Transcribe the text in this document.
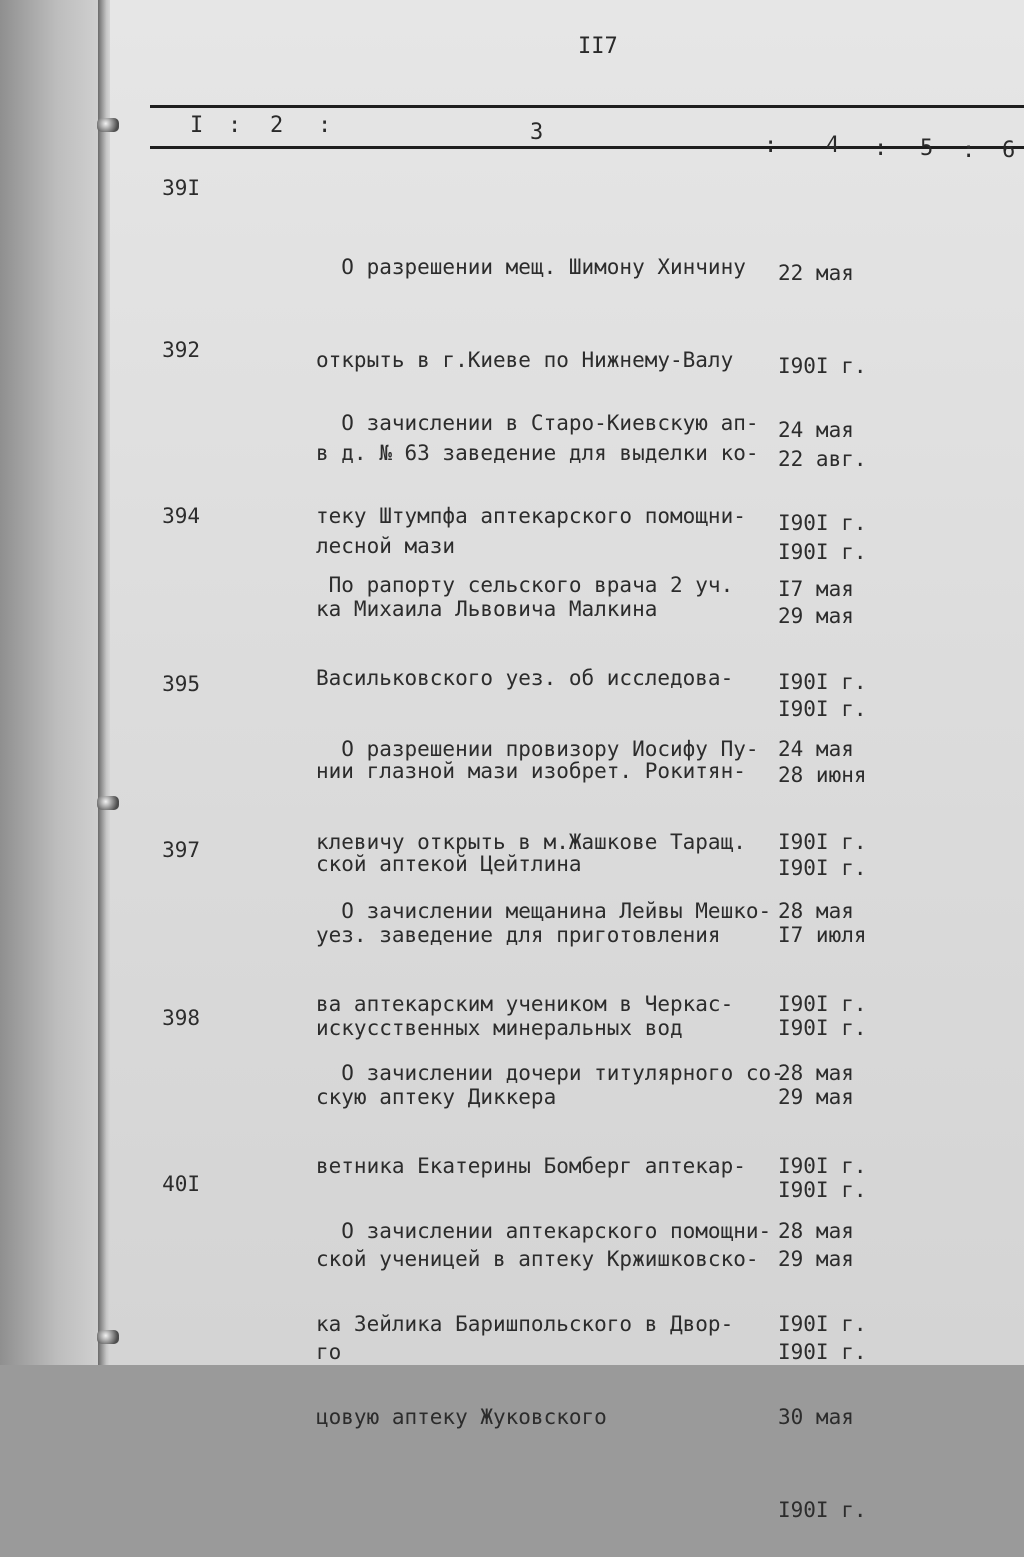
II7
I : 2 :	3
: 4 : 5 : 6
39I

О разрешении мещ. Шимону Хинчину

открыть в г.Киеве по Нижнему-Валу

в д. № 63 заведение для выделки ко-

лесной мази

22 мая

I90I г.

22 авг.

I90I г.

392

О зачислении в Старо-Киевскую ап-

теку Штумпфа аптекарского помощни-

ка Михаила Львовича Малкина

24 мая

I90I г.

29 мая

I90I г.

394

По рапорту сельского врача 2 уч.

Васильковского уез. об исследова-

нии глазной мази изобрет. Рокитян-

ской аптекой Цейтлина

I7 мая

I90I г.

28 июня

I90I г.

395

О разрешении провизору Иосифу Пу-

клевичу открыть в м.Жашкове Таращ.

уез. заведение для приготовления

искусственных минеральных вод

24 мая

I90I г.

I7 июля

I90I г.

397

О зачислении мещанина Лейвы Мешко-

ва аптекарским учеником в Черкас-

скую аптеку Диккера

28 мая

I90I г.

29 мая

I90I г.

398

О зачислении дочери титулярного со-

ветника Екатерины Бомберг аптекар-

ской ученицей в аптеку Кржишковско-

го

28 мая

I90I г.

29 мая

I90I г.

40I

О зачислении аптекарского помощни-

ка Зейлика Баришпольского в Двор-

цовую аптеку Жуковского

28 мая

I90I г.

30 мая

I90I г.
